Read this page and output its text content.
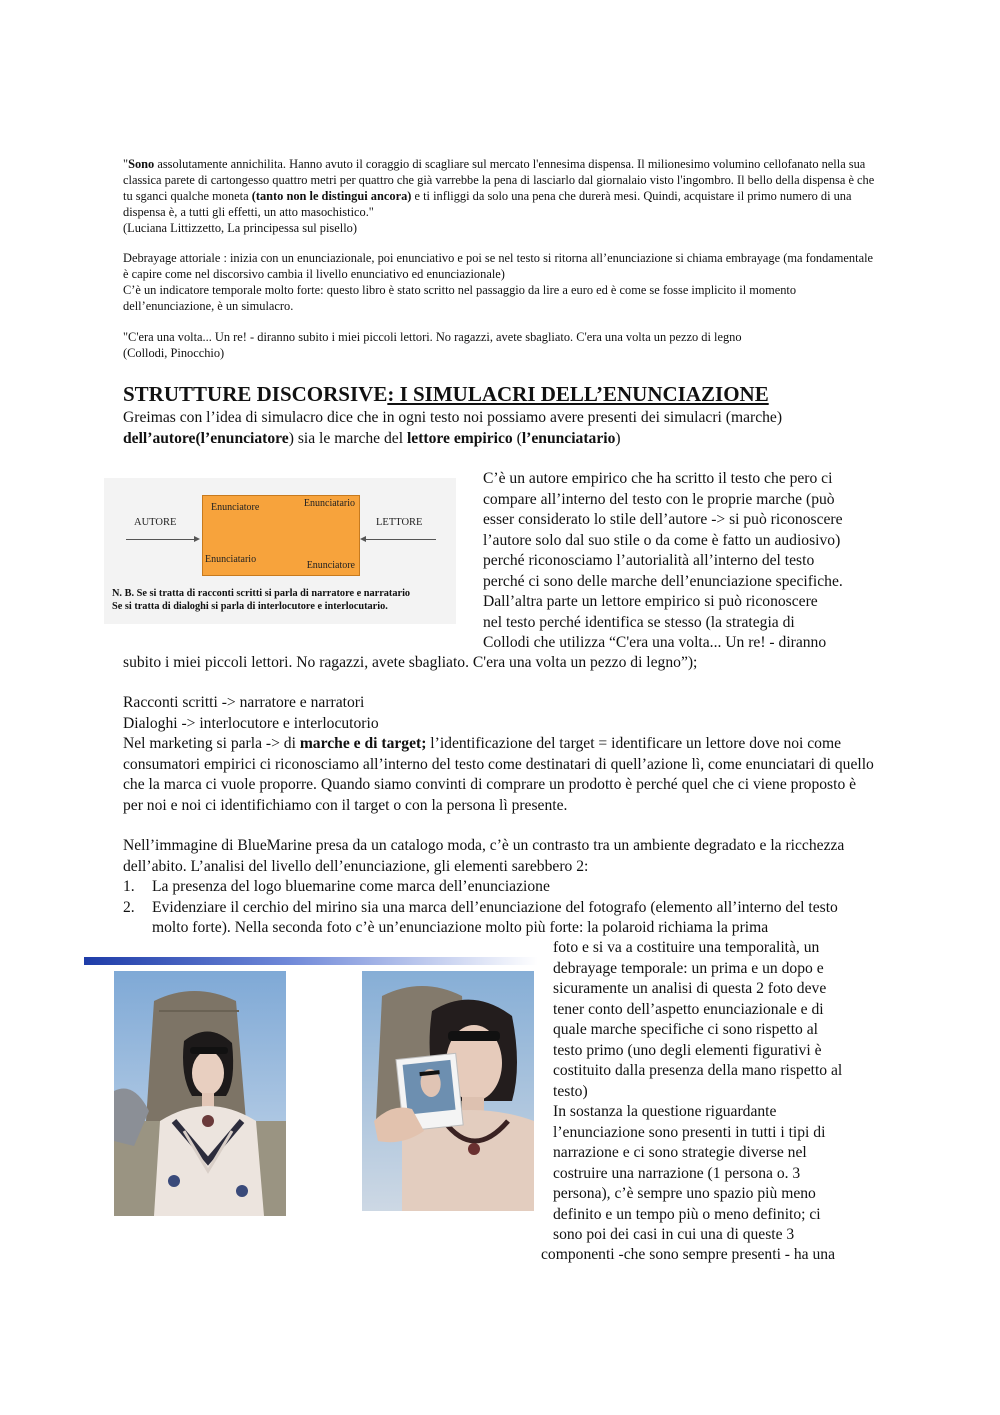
"Sono assolutamente annichilita. Hanno avuto il coraggio di scagliare sul mercato l'ennesima dispensa. Il milionesimo volumino cellofanato nella sua classica parete di cartongesso quattro metri per quattro che già varrebbe la pena di lasciarlo dal giornalaio visto l'ingombro. Il bello della dispensa è che tu sganci qualche moneta (tanto non le distingui ancora) e ti infliggi da solo una pena che durerà mesi. Quindi, acquistare il primo numero di una dispensa è, a tutti gli effetti, un atto masochistico."

(Luciana Littizzetto, La principessa sul pisello)

Debrayage attoriale : inizia con un enunciazionale, poi enunciativo e poi se nel testo si ritorna all’enunciazione si chiama embrayage (ma fondamentale è capire come nel discorsivo cambia il livello enunciativo ed enunciazionale)

C’è un indicatore temporale molto forte: questo libro è stato scritto nel passaggio da lire a euro ed è come se fosse implicito il momento dell’enunciazione, è un simulacro.

"C'era una volta... Un re! - diranno subito i miei piccoli lettori. No ragazzi, avete sbagliato. C'era una volta un pezzo di legno

(Collodi, Pinocchio)

STRUTTURE DISCORSIVE: I SIMULACRI DELL’ENUNCIAZIONE

Greimas con l’idea di simulacro dice che in ogni testo noi possiamo avere presenti dei simulacri (marche) dell’autore(l’enunciatore) sia le marche del lettore empirico (l’enunciatario)

AUTORE
Enunciatore	Enunciatario
Enunciatario
Enunciatore
LETTORE
N. B. Se si tratta di racconti scritti si parla di narratore e narratario
Se si tratta di dialoghi si parla di interlocutore e interlocutario.

C’è un autore empirico che ha scritto il testo che pero ci

compare all’interno del testo con le proprie marche (può

esser considerato lo stile dell’autore -> si può riconoscere

l’autore solo dal suo stile o da come è fatto un audiosivo)

perché riconosciamo l’autorialità all’interno del testo

perché ci sono delle marche dell’enunciazione specifiche.

Dall’altra parte un lettore empirico si può riconoscere

nel testo perché identifica se stesso (la strategia di

Collodi che utilizza “C'era una volta... Un re! - diranno

subito i miei piccoli lettori. No ragazzi, avete sbagliato. C'era una volta un pezzo di legno”);

Racconti scritti -> narratore e narratori

Dialoghi -> interlocutore e interlocutorio

Nel marketing si parla -> di marche e di target; l’identificazione del target = identificare un lettore dove noi come consumatori empirici ci riconosciamo all’interno del testo come destinatari di quell’azione lì, come enunciatari di quello che la marca ci vuole proporre. Quando siamo convinti di comprare un prodotto è perché quel che ci viene proposto è per noi e noi ci identifichiamo con il target o con la persona lì presente.

Nell’immagine di BlueMarine presa da un catalogo moda, c’è un contrasto tra un ambiente degradato e la ricchezza dell’abito. L’analisi del livello dell’enunciazione, gli elementi sarebbero 2:

1. La presenza del logo bluemarine come marca dell’enunciazione
2. Evidenziare il cerchio del mirino sia una marca dell’enunciazione del fotografo (elemento all’interno del testo molto forte). Nella seconda foto c’è un’enunciazione molto più forte: la polaroid richiama la prima

foto e si va a costituire una temporalità, un

debrayage temporale: un prima e un dopo e

sicuramente un analisi di questa 2 foto deve

tener conto dell’aspetto enunciazionale e di

quale marche specifiche ci sono rispetto al

testo primo (uno degli elementi figurativi è

costituito dalla presenza della mano rispetto al

testo)

In sostanza la questione riguardante

l’enunciazione sono presenti in tutti i tipi di

narrazione e ci sono strategie diverse nel

costruire una narrazione (1 persona o. 3

persona), c’è sempre uno spazio più meno

definito e un tempo più o meno definito; ci

sono poi dei casi in cui una di queste 3

componenti -che sono sempre presenti - ha una
